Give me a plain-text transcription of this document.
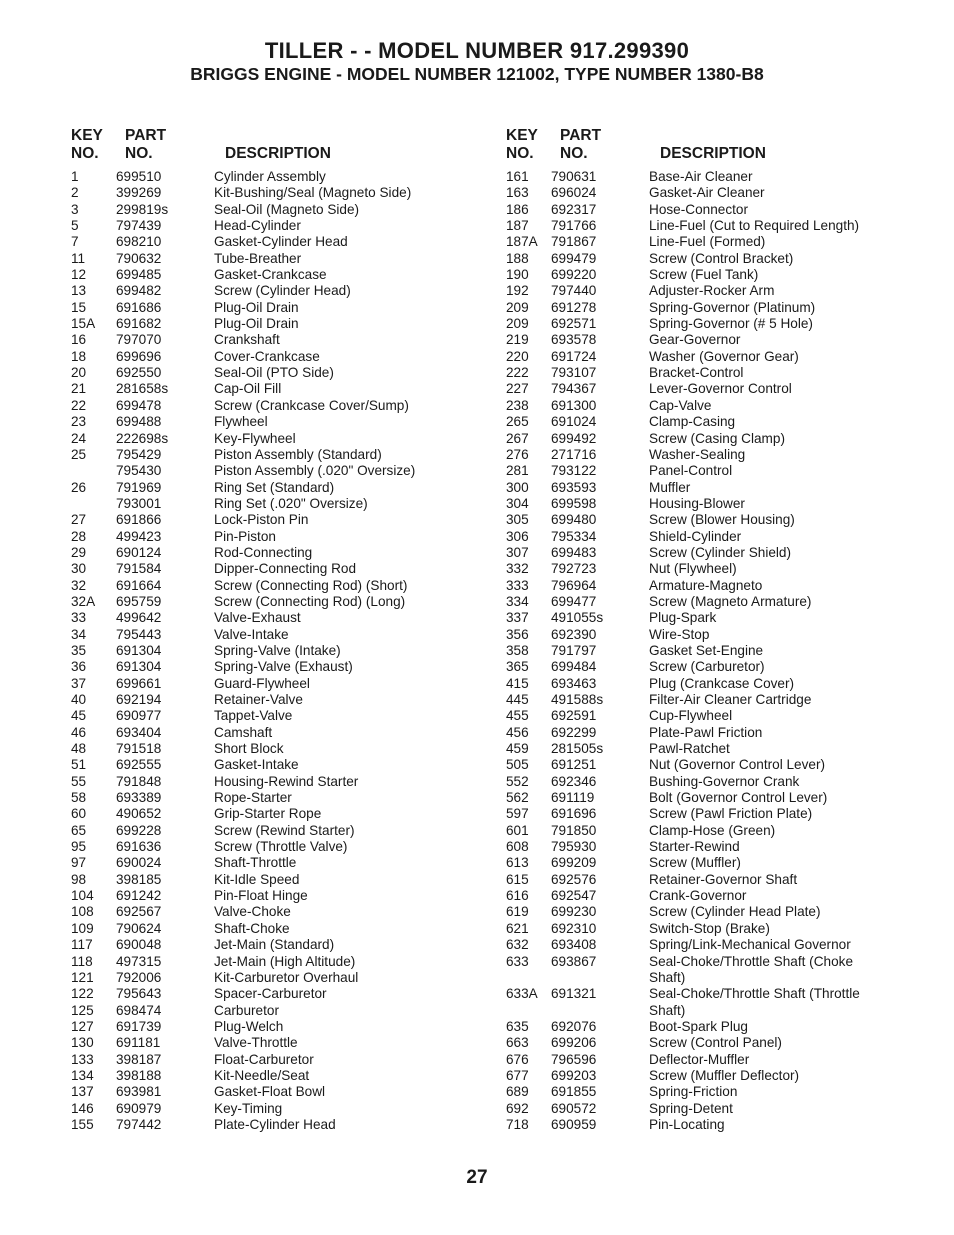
TILLER - - MODEL NUMBER 917.299390
BRIGGS ENGINE - MODEL NUMBER 121002, TYPE NUMBER 1380-B8
KEY
NO.
PART
NO.	DESCRIPTION
KEY
NO.
PART
NO.	DESCRIPTION
1	699510	Cylinder Assembly
2	399269	Kit-Bushing/Seal (Magneto Side)
3	299819s	Seal-Oil (Magneto Side)
5	797439	Head-Cylinder
7	698210	Gasket-Cylinder Head
11 790632	Tube-Breather
12 699485	Gasket-Crankcase
13 699482	Screw (Cylinder Head)
15 691686	Plug-Oil Drain
15A 691682	Plug-Oil Drain
16 797070	Crankshaft
18 699696	Cover-Crankcase
20 692550	Seal-Oil (PTO Side)
21 281658s	Cap-Oil Fill
22 699478	Screw (Crankcase Cover/Sump)
23 699488	Flywheel
24 222698s	Key-Flywheel
25 795429	Piston Assembly (Standard)
795430	Piston Assembly (.020" Oversize)
26 791969	Ring Set (Standard)
793001	Ring Set (.020" Oversize)
27 691866	Lock-Piston Pin
28 499423	Pin-Piston
29 690124	Rod-Connecting
30 791584	Dipper-Connecting Rod
32 691664	Screw (Connecting Rod) (Short)
32A 695759	Screw (Connecting Rod) (Long)
33 499642	Valve-Exhaust
34 795443	Valve-Intake
35 691304	Spring-Valve (Intake)
36 691304	Spring-Valve (Exhaust)
37 699661	Guard-Flywheel
40 692194	Retainer-Valve
45 690977	Tappet-Valve
46 693404	Camshaft
48 791518	Short Block
51 692555	Gasket-Intake
55 791848	Housing-Rewind Starter
58 693389	Rope-Starter
60 490652	Grip-Starter Rope
65 699228	Screw (Rewind Starter)
95 691636	Screw (Throttle Valve)
97 690024	Shaft-Throttle
98 398185	Kit-Idle Speed
104 691242	Pin-Float Hinge
108 692567	Valve-Choke
109 790624	Shaft-Choke
117 690048	Jet-Main (Standard)
118 497315	Jet-Main (High Altitude)
121 792006	Kit-Carburetor Overhaul
122 795643	Spacer-Carburetor
125 698474	Carburetor
127 691739	Plug-Welch
130 691181	Valve-Throttle
133 398187	Float-Carburetor
134 398188	Kit-Needle/Seat
137 693981	Gasket-Float Bowl
146 690979	Key-Timing
155 797442	Plate-Cylinder Head
161 790631	Base-Air Cleaner
163 696024	Gasket-Air Cleaner
186 692317	Hose-Connector
187 791766	Line-Fuel (Cut to Required Length)
187A 791867	Line-Fuel (Formed)
188 699479	Screw (Control Bracket)
190 699220	Screw (Fuel Tank)
192 797440	Adjuster-Rocker Arm
209 691278	Spring-Governor (Platinum)
209 692571	Spring-Governor (# 5 Hole)
219 693578	Gear-Governor
220 691724	Washer (Governor Gear)
222 793107	Bracket-Control
227 794367	Lever-Governor Control
238 691300	Cap-Valve
265 691024	Clamp-Casing
267 699492	Screw (Casing Clamp)
276 271716	Washer-Sealing
281 793122	Panel-Control
300 693593	Muffler
304 699598	Housing-Blower
305 699480	Screw (Blower Housing)
306 795334	Shield-Cylinder
307 699483	Screw (Cylinder Shield)
332 792723	Nut (Flywheel)
333 796964	Armature-Magneto
334 699477	Screw (Magneto Armature)
337 491055s	Plug-Spark
356 692390	Wire-Stop
358 791797	Gasket Set-Engine
365 699484	Screw (Carburetor)
415 693463	Plug (Crankcase Cover)
445 491588s	Filter-Air Cleaner Cartridge
455 692591	Cup-Flywheel
456 692299	Plate-Pawl Friction
459 281505s	Pawl-Ratchet
505 691251	Nut (Governor Control Lever)
552 692346	Bushing-Governor Crank
562 691119	Bolt (Governor Control Lever)
597 691696	Screw (Pawl Friction Plate)
601 791850	Clamp-Hose (Green)
608 795930	Starter-Rewind
613 699209	Screw (Muffler)
615 692576	Retainer-Governor Shaft
616 692547	Crank-Governor
619 699230	Screw (Cylinder Head Plate)
621 692310	Switch-Stop (Brake)
632 693408	Spring/Link-Mechanical Governor
633 693867	Seal-Choke/Throttle Shaft (Choke
Shaft)
633A 691321	Seal-Choke/Throttle Shaft (Throttle
Shaft)
635 692076	Boot-Spark Plug
663 699206	Screw (Control Panel)
676 796596	Deflector-Muffler
677 699203	Screw (Muffler Deflector)
689 691855	Spring-Friction
692 690572	Spring-Detent
718 690959	Pin-Locating
27
